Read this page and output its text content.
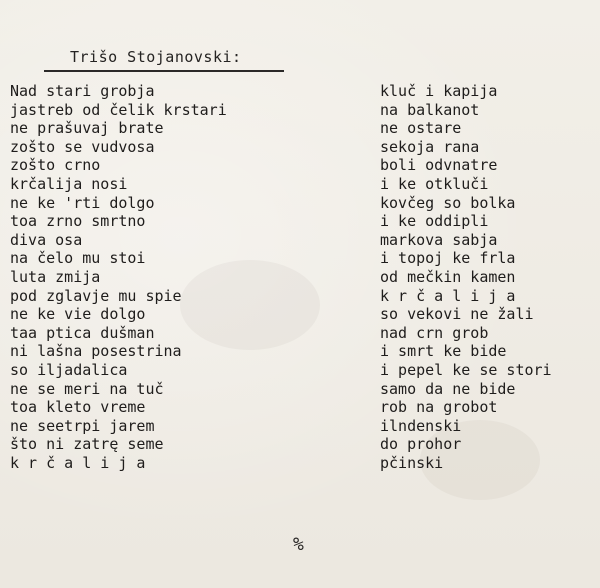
Trišo Stojanovski:
Nad stari grobja
jastreb od čelik krstari
ne prašuvaj brate
zošto se vudvosa
zošto crno
krčalija nosi
ne ke 'rti dolgo
toa zrno smrtno
diva osa
na čelo mu stoi
luta zmija
pod zglavje mu spie
ne ke vie dolgo
taa ptica dušman
ni lašna posestrina
so iljadalica
ne se meri na tuč
toa kleto vreme
ne seetrpi jarem
što ni zatrę seme
k r č a l i j a
kluč i kapija
na balkanot
ne ostare
sekoja rana
boli odvnatre
i ke otkluči
kovčeg so bolka
i ke oddipli
markova sabja
i topoj ke frla
od mečkin kamen
k r č a l i j a
so vekovi ne žali
nad crn grob
i smrt ke bide
i pepel ke se stori
samo da ne bide
rob na grobot
ilndenski
do prohor
pčinski
%
